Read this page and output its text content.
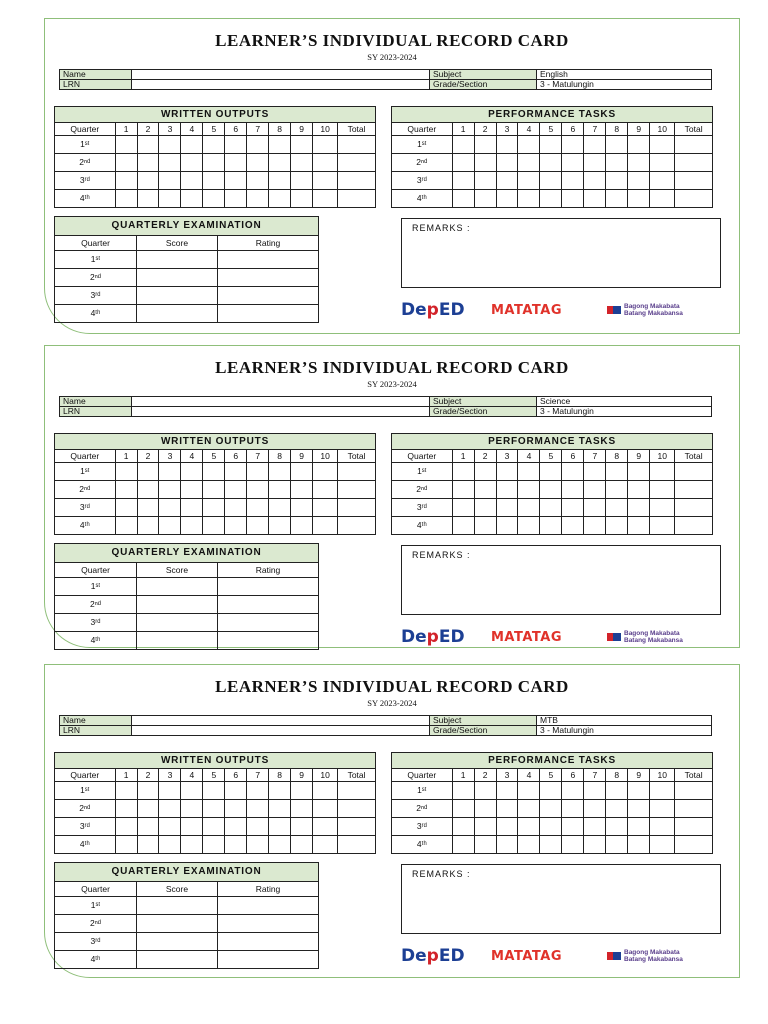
LEARNER’S INDIVIDUAL RECORD CARD
SY 2023-2024
Name		Subject	English
LRN		Grade/Section	3 - Matulungin
WRITTEN OUTPUTS											
Quarter	1	2	3	4	5	6	7	8	9	10	Total
1ˢᵗ											
2ⁿᵈ											
3ʳᵈ											
4ᵗʰ											
PERFORMANCE TASKS											
Quarter	1	2	3	4	5	6	7	8	9	10	Total
1ˢᵗ											
2ⁿᵈ											
3ʳᵈ											
4ᵗʰ											
QUARTERLY EXAMINATION		
Quarter	Score	Rating
1ˢᵗ		
2ⁿᵈ		
3ʳᵈ		
4ᵗʰ		
REMARKS :
DepED MATATAG	Bagong Makabata
Batang Makabansa
LEARNER’S INDIVIDUAL RECORD CARD
SY 2023-2024
Name		Subject	Science
LRN		Grade/Section	3 - Matulungin
WRITTEN OUTPUTS											
Quarter	1	2	3	4	5	6	7	8	9	10	Total
1ˢᵗ											
2ⁿᵈ											
3ʳᵈ											
4ᵗʰ											
PERFORMANCE TASKS											
Quarter	1	2	3	4	5	6	7	8	9	10	Total
1ˢᵗ											
2ⁿᵈ											
3ʳᵈ											
4ᵗʰ											
QUARTERLY EXAMINATION		
Quarter	Score	Rating
1ˢᵗ		
2ⁿᵈ		
3ʳᵈ		
4ᵗʰ		
REMARKS :
DepED MATATAG	Bagong Makabata
Batang Makabansa
LEARNER’S INDIVIDUAL RECORD CARD
SY 2023-2024
Name		Subject	MTB
LRN		Grade/Section	3 - Matulungin
WRITTEN OUTPUTS											
Quarter	1	2	3	4	5	6	7	8	9	10	Total
1ˢᵗ											
2ⁿᵈ											
3ʳᵈ											
4ᵗʰ											
PERFORMANCE TASKS											
Quarter	1	2	3	4	5	6	7	8	9	10	Total
1ˢᵗ											
2ⁿᵈ											
3ʳᵈ											
4ᵗʰ											
QUARTERLY EXAMINATION		
Quarter	Score	Rating
1ˢᵗ		
2ⁿᵈ		
3ʳᵈ		
4ᵗʰ		
REMARKS :
DepED MATATAG	Bagong Makabata
Batang Makabansa
